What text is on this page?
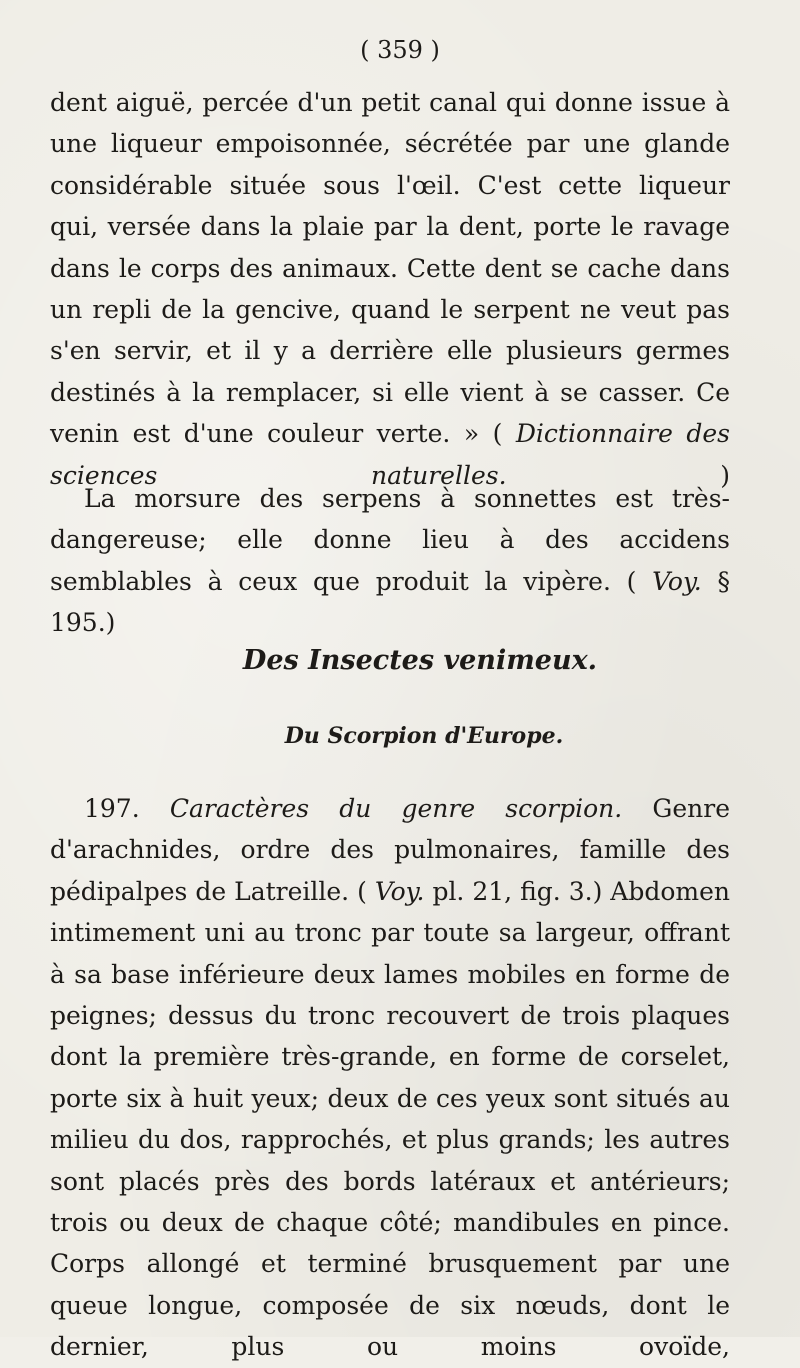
( 359 )

dent aiguë, percée d'un petit canal qui donne issue à une liqueur empoisonnée, sécrétée par une glande considérable située sous l'œil. C'est cette liqueur qui, versée dans la plaie par la dent, porte le ravage dans le corps des animaux. Cette dent se cache dans un repli de la gencive, quand le serpent ne veut pas s'en servir, et il y a derrière elle plusieurs germes destinés à la remplacer, si elle vient à se casser. Ce venin est d'une couleur verte. » ( Dictionnaire des sciences naturelles.	)

La morsure des serpens à sonnettes est très-dangereuse; elle donne lieu à des accidens semblables à ceux que produit la vipère. ( Voy. § 195.)

Des Insectes venimeux.
Du Scorpion d'Europe.

197. Caractères du genre scorpion. Genre d'arachnides, ordre des pulmonaires, famille des pédipalpes de Latreille. ( Voy. pl. 21, fig. 3.) Abdomen intimement uni au tronc par toute sa largeur, offrant à sa base inférieure deux lames mobiles en forme de peignes; dessus du tronc recouvert de trois plaques dont la première très-grande, en forme de corselet, porte six à huit yeux; deux de ces yeux sont situés au milieu du dos, rapprochés, et plus grands; les autres sont placés près des bords latéraux et antérieurs; trois ou deux de chaque côté; mandibules en pince. Corps allongé et terminé brusquement par une queue longue, composée de six nœuds, dont le dernier, plus ou moins ovoïde,
